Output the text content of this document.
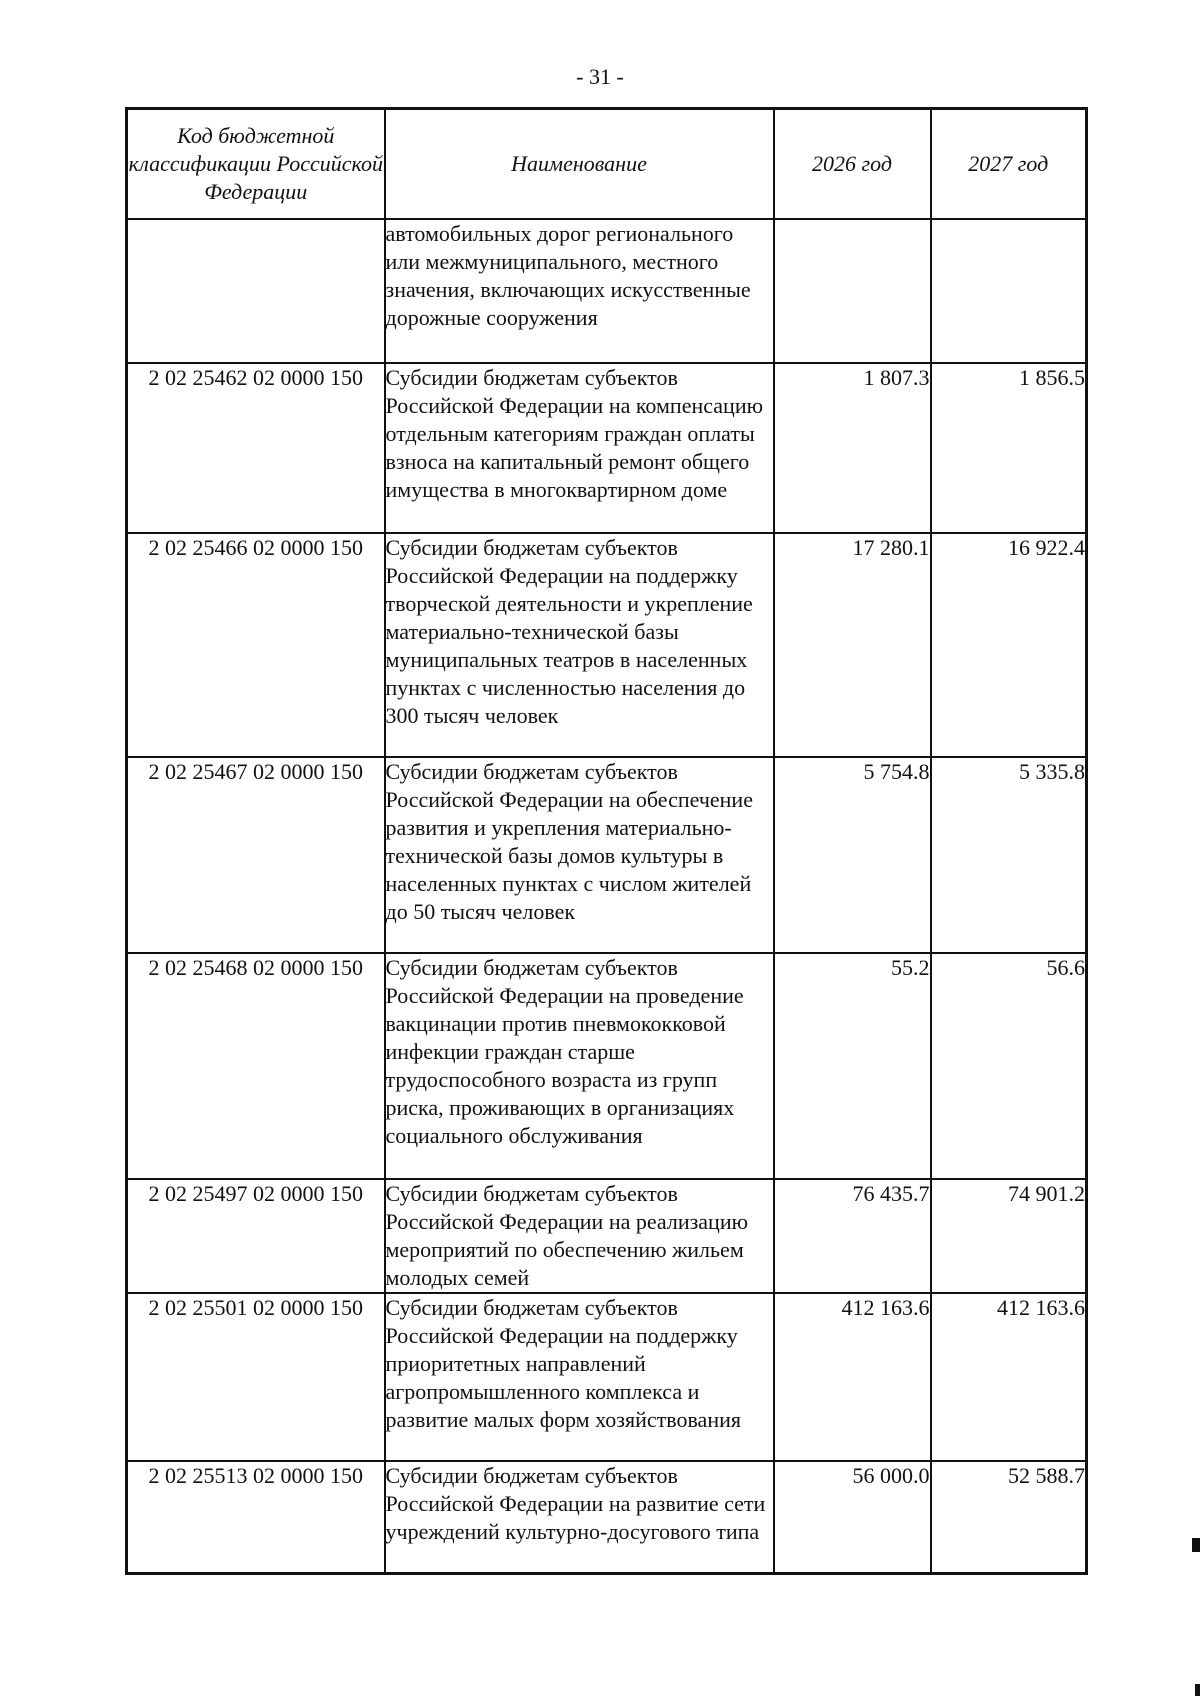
- 31 -
Код бюджетной классификации Российской Федерации	Наименование	2026 год	2027 год
	автомобильных дорог регионального или межмуниципального, местного значения, включающих искусственные дорожные сооружения		
2 02 25462 02 0000 150	Субсидии бюджетам субъектов Российской Федерации на компенсацию отдельным категориям граждан оплаты взноса на капитальный ремонт общего имущества в многоквартирном доме	1 807.3	1 856.5
2 02 25466 02 0000 150	Субсидии бюджетам субъектов Российской Федерации на поддержку творческой деятельности и укрепление материально-технической базы муниципальных театров в населенных пунктах с численностью населения до 300 тысяч человек	17 280.1	16 922.4
2 02 25467 02 0000 150	Субсидии бюджетам субъектов Российской Федерации на обеспечение развития и укрепления материально-технической базы домов культуры в населенных пунктах с числом жителей до 50 тысяч человек	5 754.8	5 335.8
2 02 25468 02 0000 150	Субсидии бюджетам субъектов Российской Федерации на проведение вакцинации против пневмококковой инфекции граждан старше трудоспособного возраста из групп риска, проживающих в организациях социального обслуживания	55.2	56.6
2 02 25497 02 0000 150	Субсидии бюджетам субъектов Российской Федерации на реализацию мероприятий по обеспечению жильем молодых семей	76 435.7	74 901.2
2 02 25501 02 0000 150	Субсидии бюджетам субъектов Российской Федерации на поддержку приоритетных направлений агропромышленного комплекса и развитие малых форм хозяйствования	412 163.6	412 163.6
2 02 25513 02 0000 150	Субсидии бюджетам субъектов Российской Федерации на развитие сети учреждений культурно-досугового типа	56 000.0	52 588.7
